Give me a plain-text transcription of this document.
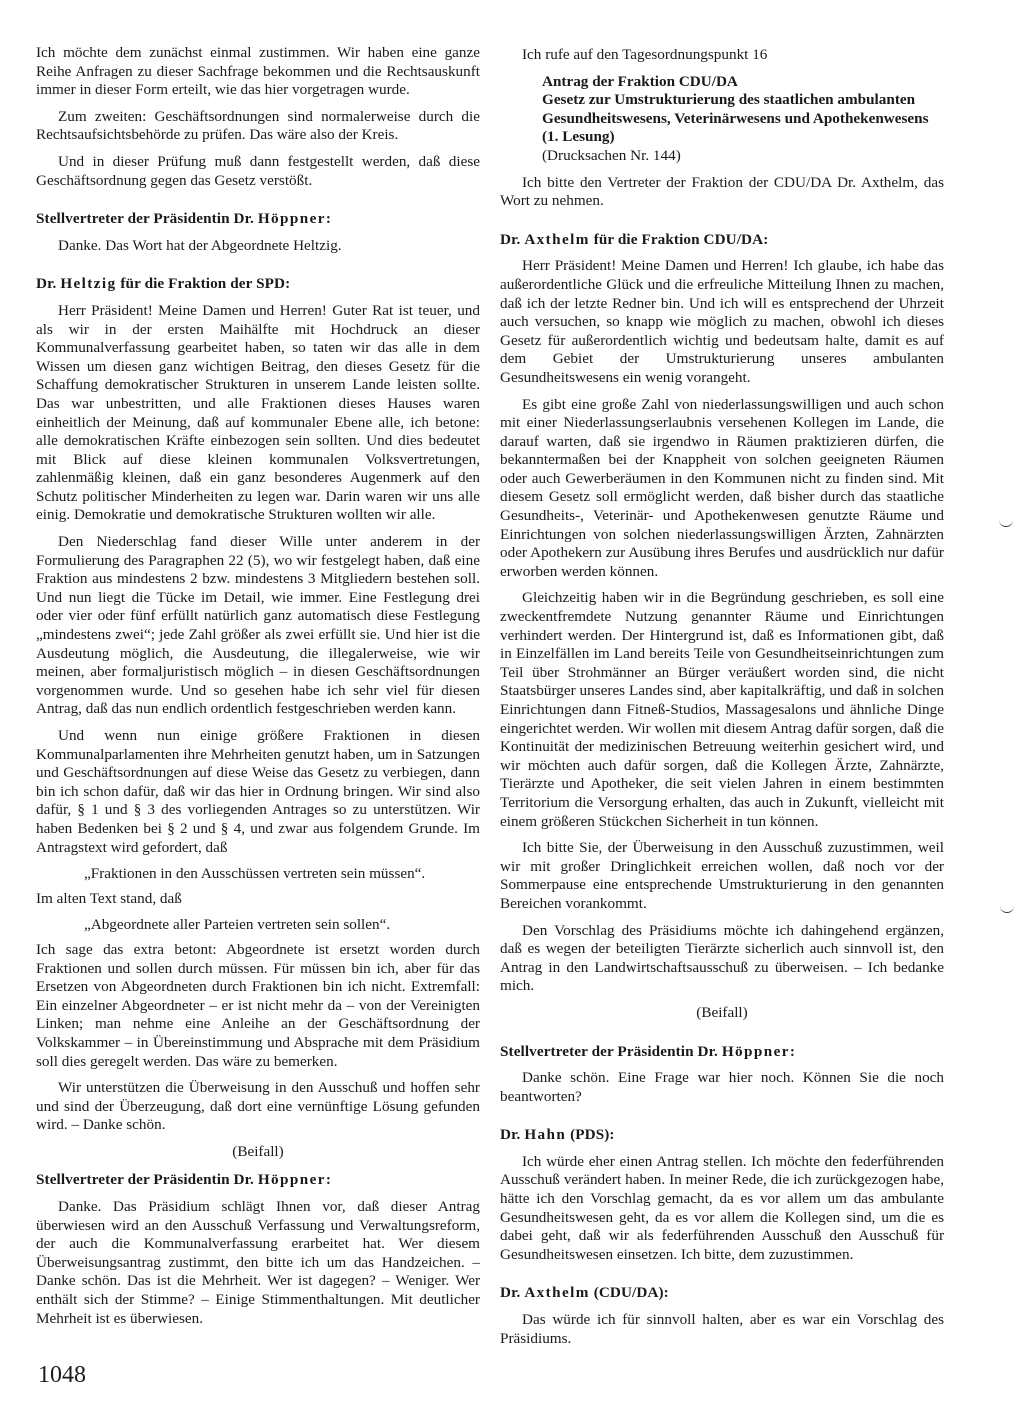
Ich möchte dem zunächst einmal zustimmen. Wir haben eine ganze Reihe Anfragen zu dieser Sachfrage bekommen und die Rechtsauskunft immer in dieser Form erteilt, wie das hier vorgetragen wurde.

Zum zweiten: Geschäftsordnungen sind normalerweise durch die Rechtsaufsichtsbehörde zu prüfen. Das wäre also der Kreis.

Und in dieser Prüfung muß dann festgestellt werden, daß diese Geschäftsordnung gegen das Gesetz verstößt.

Stellvertreter der Präsidentin Dr. Höppner:

Danke. Das Wort hat der Abgeordnete Heltzig.

Dr. Heltzig für die Fraktion der SPD:

Herr Präsident! Meine Damen und Herren! Guter Rat ist teuer, und als wir in der ersten Maihälfte mit Hochdruck an dieser Kommunalverfassung gearbeitet haben, so taten wir das alle in dem Wissen um diesen ganz wichtigen Beitrag, den dieses Gesetz für die Schaffung demokratischer Strukturen in unserem Lande leisten sollte. Das war unbestritten, und alle Fraktionen dieses Hauses waren einheitlich der Meinung, daß auf kommunaler Ebene alle, ich betone: alle demokratischen Kräfte einbezogen sein sollten. Und dies bedeutet mit Blick auf diese kleinen kommunalen Volksvertretungen, zahlenmäßig kleinen, daß ein ganz besonderes Augenmerk auf den Schutz politischer Minderheiten zu legen war. Darin waren wir uns alle einig. Demokratie und demokratische Strukturen wollten wir alle.

Den Niederschlag fand dieser Wille unter anderem in der Formulierung des Paragraphen 22 (5), wo wir festgelegt haben, daß eine Fraktion aus mindestens 2 bzw. mindestens 3 Mitgliedern bestehen soll. Und nun liegt die Tücke im Detail, wie immer. Eine Festlegung drei oder vier oder fünf erfüllt natürlich ganz automatisch diese Festlegung „mindestens zwei“; jede Zahl größer als zwei erfüllt sie. Und hier ist die Ausdeutung möglich, die Ausdeutung, die illegalerweise, wie wir meinen, aber formaljuristisch möglich – in diesen Geschäftsordnungen vorgenommen wurde. Und so gesehen habe ich sehr viel für diesen Antrag, daß das nun endlich ordentlich festgeschrieben werden kann.

Und wenn nun einige größere Fraktionen in diesen Kommunalparlamenten ihre Mehrheiten genutzt haben, um in Satzungen und Geschäftsordnungen auf diese Weise das Gesetz zu verbiegen, dann bin ich schon dafür, daß wir das hier in Ordnung bringen. Wir sind also dafür, § 1 und § 3 des vorliegenden Antrages so zu unterstützen. Wir haben Bedenken bei § 2 und § 4, und zwar aus folgendem Grunde. Im Antragstext wird gefordert, daß

„Fraktionen in den Ausschüssen vertreten sein müssen“.

Im alten Text stand, daß

„Abgeordnete aller Parteien vertreten sein sollen“.

Ich sage das extra betont: Abgeordnete ist ersetzt worden durch Fraktionen und sollen durch müssen. Für müssen bin ich, aber für das Ersetzen von Abgeordneten durch Fraktionen bin ich nicht. Extremfall: Ein einzelner Abgeordneter – er ist nicht mehr da – von der Vereinigten Linken; man nehme eine Anleihe an der Geschäftsordnung der Volkskammer – in Übereinstimmung und Absprache mit dem Präsidium soll dies geregelt werden. Das wäre zu bemerken.

Wir unterstützen die Überweisung in den Ausschuß und hoffen sehr und sind der Überzeugung, daß dort eine vernünftige Lösung gefunden wird. – Danke schön.

(Beifall)

Stellvertreter der Präsidentin Dr. Höppner:

Danke. Das Präsidium schlägt Ihnen vor, daß dieser Antrag überwiesen wird an den Ausschuß Verfassung und Verwaltungsreform, der auch die Kommunalverfassung erarbeitet hat. Wer diesem Überweisungsantrag zustimmt, den bitte ich um das Handzeichen. – Danke schön. Das ist die Mehrheit. Wer ist dagegen? – Weniger. Wer enthält sich der Stimme? – Einige Stimmenthaltungen. Mit deutlicher Mehrheit ist es überwiesen.

Ich rufe auf den Tagesordnungspunkt 16

Antrag der Fraktion CDU/DA
Gesetz zur Umstrukturierung des staatlichen ambulanten Gesundheitswesens, Veterinärwesens und Apothekenwesens
(1. Lesung)
(Drucksachen Nr. 144)

Ich bitte den Vertreter der Fraktion der CDU/DA Dr. Axthelm, das Wort zu nehmen.

Dr. Axthelm für die Fraktion CDU/DA:

Herr Präsident! Meine Damen und Herren! Ich glaube, ich habe das außerordentliche Glück und die erfreuliche Mitteilung Ihnen zu machen, daß ich der letzte Redner bin. Und ich will es entsprechend der Uhrzeit auch versuchen, so knapp wie möglich zu machen, obwohl ich dieses Gesetz für außerordentlich wichtig und bedeutsam halte, damit es auf dem Gebiet der Umstrukturierung unseres ambulanten Gesundheitswesens ein wenig vorangeht.

Es gibt eine große Zahl von niederlassungswilligen und auch schon mit einer Niederlassungserlaubnis versehenen Kollegen im Lande, die darauf warten, daß sie irgendwo in Räumen praktizieren dürfen, die bekanntermaßen bei der Knappheit von solchen geeigneten Räumen oder auch Gewerberäumen in den Kommunen nicht zu finden sind. Mit diesem Gesetz soll ermöglicht werden, daß bisher durch das staatliche Gesundheits-, Veterinär- und Apothekenwesen genutzte Räume und Einrichtungen von solchen niederlassungswilligen Ärzten, Zahnärzten oder Apothekern zur Ausübung ihres Berufes und ausdrücklich nur dafür erworben werden können.

Gleichzeitig haben wir in die Begründung geschrieben, es soll eine zweckentfremdete Nutzung genannter Räume und Einrichtungen verhindert werden. Der Hintergrund ist, daß es Informationen gibt, daß in Einzelfällen im Land bereits Teile von Gesundheitseinrichtungen zum Teil über Strohmänner an Bürger veräußert worden sind, die nicht Staatsbürger unseres Landes sind, aber kapitalkräftig, und daß in solchen Einrichtungen dann Fitneß-Studios, Massagesalons und ähnliche Dinge eingerichtet werden. Wir wollen mit diesem Antrag dafür sorgen, daß die Kontinuität der medizinischen Betreuung weiterhin gesichert wird, und wir möchten auch dafür sorgen, daß die Kollegen Ärzte, Zahnärzte, Tierärzte und Apotheker, die seit vielen Jahren in einem bestimmten Territorium die Versorgung erhalten, das auch in Zukunft, vielleicht mit einem größeren Stückchen Sicherheit in tun können.

Ich bitte Sie, der Überweisung in den Ausschuß zuzustimmen, weil wir mit großer Dringlichkeit erreichen wollen, daß noch vor der Sommerpause eine entsprechende Umstrukturierung in den genannten Bereichen vorankommt.

Den Vorschlag des Präsidiums möchte ich dahingehend ergänzen, daß es wegen der beteiligten Tierärzte sicherlich auch sinnvoll ist, den Antrag in den Landwirtschaftsausschuß zu überweisen. – Ich bedanke mich.

(Beifall)

Stellvertreter der Präsidentin Dr. Höppner:

Danke schön. Eine Frage war hier noch. Können Sie die noch beantworten?

Dr. Hahn (PDS):

Ich würde eher einen Antrag stellen. Ich möchte den federführenden Ausschuß verändert haben. In meiner Rede, die ich zurückgezogen habe, hätte ich den Vorschlag gemacht, da es vor allem um das ambulante Gesundheitswesen geht, da es vor allem die Kollegen sind, um die es dabei geht, daß wir als federführenden Ausschuß den Ausschuß für Gesundheitswesen einsetzen. Ich bitte, dem zuzustimmen.

Dr. Axthelm (CDU/DA):

Das würde ich für sinnvoll halten, aber es war ein Vorschlag des Präsidiums.

1048
